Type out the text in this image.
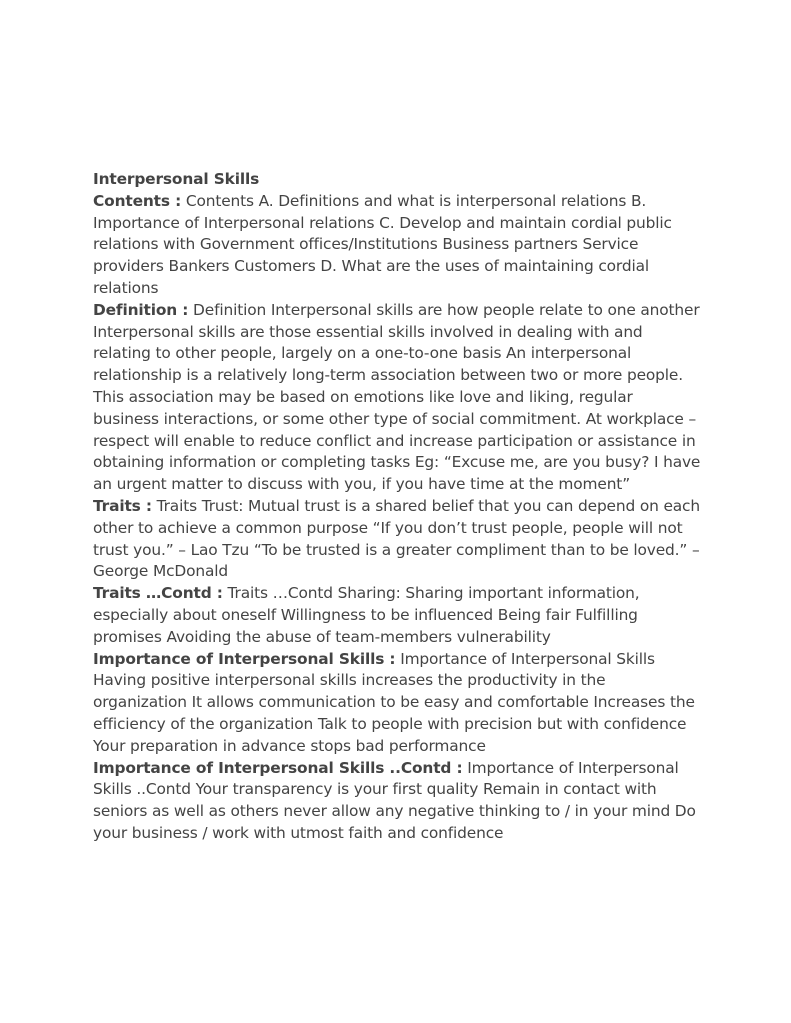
Interpersonal Skills

Contents : Contents A. Definitions and what is interpersonal relations B. Importance of Interpersonal relations C. Develop and maintain cordial public relations with Government offices/Institutions Business partners Service providers Bankers Customers D. What are the uses of maintaining cordial relations

Definition : Definition Interpersonal skills are how people relate to one another Interpersonal skills are those essential skills involved in dealing with and relating to other people, largely on a one-to-one basis An interpersonal relationship is a relatively long-term association between two or more people. This association may be based on emotions like love and liking, regular business interactions, or some other type of social commitment. At workplace – respect will enable to reduce conflict and increase participation or assistance in obtaining information or completing tasks Eg: “Excuse me, are you busy? I have an urgent matter to discuss with you, if you have time at the moment”

Traits : Traits Trust: Mutual trust is a shared belief that you can depend on each other to achieve a common purpose “If you don’t trust people, people will not trust you.” – Lao Tzu “To be trusted is a greater compliment than to be loved.” – George McDonald

Traits …Contd : Traits …Contd Sharing: Sharing important information, especially about oneself Willingness to be influenced Being fair Fulfilling promises Avoiding the abuse of team-members vulnerability

Importance of Interpersonal Skills : Importance of Interpersonal Skills Having positive interpersonal skills increases the productivity in the organization It allows communication to be easy and comfortable Increases the efficiency of the organization Talk to people with precision but with confidence Your preparation in advance stops bad performance

Importance of Interpersonal Skills ..Contd : Importance of Interpersonal Skills ..Contd Your transparency is your first quality Remain in contact with seniors as well as others never allow any negative thinking to / in your mind Do your business / work with utmost faith and confidence
